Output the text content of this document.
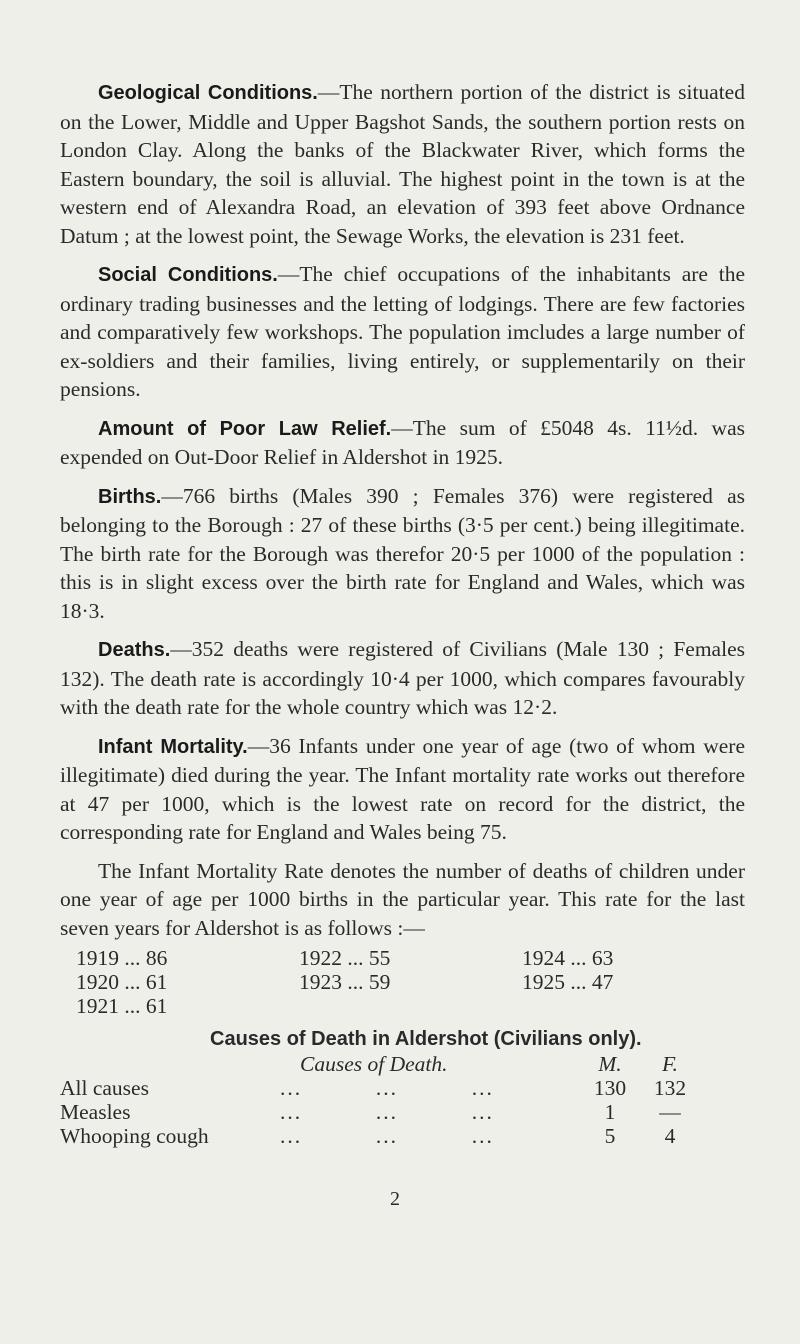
Geological Conditions.—The northern portion of the district is situated on the Lower, Middle and Upper Bagshot Sands, the southern portion rests on London Clay. Along the banks of the Blackwater River, which forms the Eastern boundary, the soil is alluvial. The highest point in the town is at the western end of Alexandra Road, an elevation of 393 feet above Ordnance Datum ; at the lowest point, the Sewage Works, the elevation is 231 feet.

Social Conditions.—The chief occupations of the inhabitants are the ordinary trading businesses and the letting of lodgings. There are few factories and comparatively few workshops. The population imcludes a large number of ex-soldiers and their families, living entirely, or supplementarily on their pensions.

Amount of Poor Law Relief.—The sum of £5048 4s. 11½d. was expended on Out-Door Relief in Aldershot in 1925.

Births.—766 births (Males 390 ; Females 376) were registered as belonging to the Borough : 27 of these births (3·5 per cent.) being illegitimate. The birth rate for the Borough was therefor 20·5 per 1000 of the population : this is in slight excess over the birth rate for England and Wales, which was 18·3.

Deaths.—352 deaths were registered of Civilians (Male 130 ; Females 132). The death rate is accordingly 10·4 per 1000, which compares favourably with the death rate for the whole country which was 12·2.

Infant Mortality.—36 Infants under one year of age (two of whom were illegitimate) died during the year. The Infant mortality rate works out therefore at 47 per 1000, which is the lowest rate on record for the district, the corresponding rate for England and Wales being 75.

The Infant Mortality Rate denotes the number of deaths of children under one year of age per 1000 births in the particular year. This rate for the last seven years for Aldershot is as follows :—

1919 ... 86	1922 ... 55	1924 ... 63
1920 ... 61	1923 ... 59	1925 ... 47
1921 ... 61
Causes of Death in Aldershot (Civilians only).
Causes of Death.	M.	F.
All causes	...          ...          ...	130	132
Measles	...          ...          ...	1	—
Whooping cough	...          ...          ...	5	4
2
